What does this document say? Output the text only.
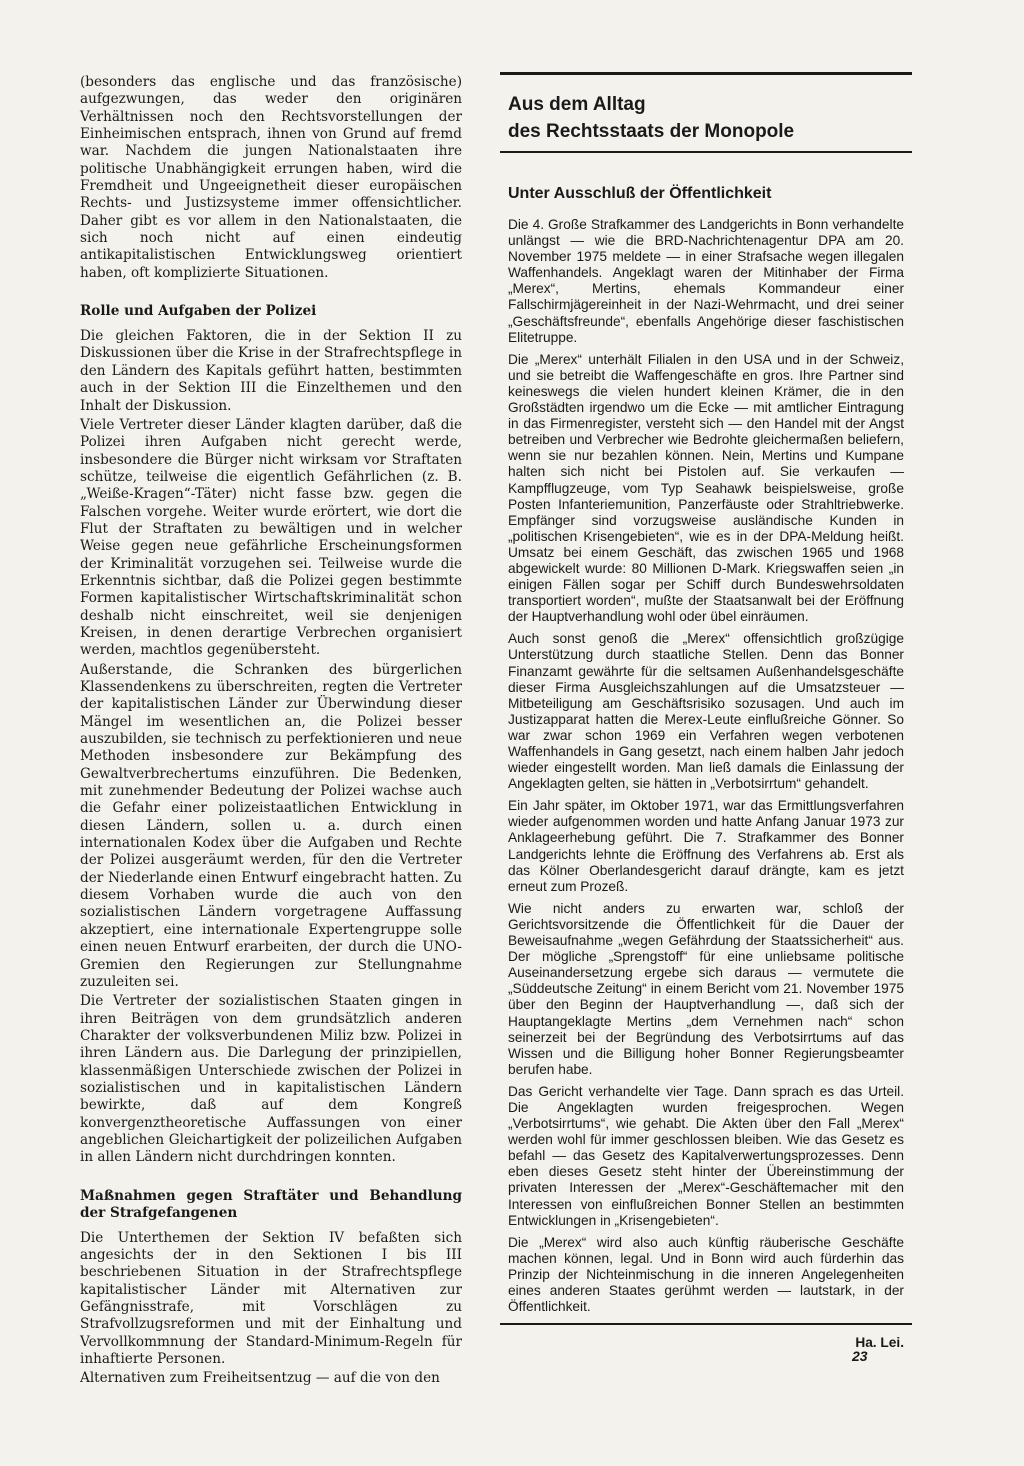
(besonders das englische und das französische) aufgezwungen, das weder den originären Verhältnissen noch den Rechtsvorstellungen der Einheimischen entsprach, ihnen von Grund auf fremd war. Nachdem die jungen Nationalstaaten ihre politische Unabhängigkeit errungen haben, wird die Fremdheit und Ungeeignetheit dieser europäischen Rechts- und Justizsysteme immer offensichtlicher. Daher gibt es vor allem in den Nationalstaaten, die sich noch nicht auf einen eindeutig antikapitalistischen Entwicklungsweg orientiert haben, oft komplizierte Situationen.

Rolle und Aufgaben der Polizei

Die gleichen Faktoren, die in der Sektion II zu Diskussionen über die Krise in der Strafrechtspflege in den Ländern des Kapitals geführt hatten, bestimmten auch in der Sektion III die Einzelthemen und den Inhalt der Diskussion.

Viele Vertreter dieser Länder klagten darüber, daß die Polizei ihren Aufgaben nicht gerecht werde, insbesondere die Bürger nicht wirksam vor Straftaten schütze, teilweise die eigentlich Gefährlichen (z. B. „Weiße-Kragen“-Täter) nicht fasse bzw. gegen die Falschen vorgehe. Weiter wurde erörtert, wie dort die Flut der Straftaten zu bewältigen und in welcher Weise gegen neue gefährliche Erscheinungsformen der Kriminalität vorzugehen sei. Teilweise wurde die Erkenntnis sichtbar, daß die Polizei gegen bestimmte Formen kapitalistischer Wirtschaftskriminalität schon deshalb nicht einschreitet, weil sie denjenigen Kreisen, in denen derartige Verbrechen organisiert werden, machtlos gegenübersteht.

Außerstande, die Schranken des bürgerlichen Klassendenkens zu überschreiten, regten die Vertreter der kapitalistischen Länder zur Überwindung dieser Mängel im wesentlichen an, die Polizei besser auszubilden, sie technisch zu perfektionieren und neue Methoden insbesondere zur Bekämpfung des Gewaltverbrechertums einzuführen. Die Bedenken, mit zunehmender Bedeutung der Polizei wachse auch die Gefahr einer polizeistaatlichen Entwicklung in diesen Ländern, sollen u. a. durch einen internationalen Kodex über die Aufgaben und Rechte der Polizei ausgeräumt werden, für den die Vertreter der Niederlande einen Entwurf eingebracht hatten. Zu diesem Vorhaben wurde die auch von den sozialistischen Ländern vorgetragene Auffassung akzeptiert, eine internationale Expertengruppe solle einen neuen Entwurf erarbeiten, der durch die UNO-Gremien den Regierungen zur Stellungnahme zuzuleiten sei.

Die Vertreter der sozialistischen Staaten gingen in ihren Beiträgen von dem grundsätzlich anderen Charakter der volksverbundenen Miliz bzw. Polizei in ihren Ländern aus. Die Darlegung der prinzipiellen, klassenmäßigen Unterschiede zwischen der Polizei in sozialistischen und in kapitalistischen Ländern bewirkte, daß auf dem Kongreß konvergenztheoretische Auffassungen von einer angeblichen Gleichartigkeit der polizeilichen Aufgaben in allen Ländern nicht durchdringen konnten.

Maßnahmen gegen Straftäter und Behandlung der Strafgefangenen

Die Unterthemen der Sektion IV befaßten sich angesichts der in den Sektionen I bis III beschriebenen Situation in der Strafrechtspflege kapitalistischer Länder mit Alternativen zur Gefängnisstrafe, mit Vorschlägen zu Strafvollzugsreformen und mit der Einhaltung und Vervollkommnung der Standard-Minimum-Regeln für inhaftierte Personen.

Alternativen zum Freiheitsentzug — auf die von den

Aus dem Alltag
des Rechtsstaats der Monopole
Unter Ausschluß der Öffentlichkeit

Die 4. Große Strafkammer des Landgerichts in Bonn verhandelte unlängst — wie die BRD-Nachrichtenagentur DPA am 20. November 1975 meldete — in einer Strafsache wegen illegalen Waffenhandels. Angeklagt waren der Mitinhaber der Firma „Merex“, Mertins, ehemals Kommandeur einer Fallschirmjägereinheit in der Nazi-Wehrmacht, und drei seiner „Geschäftsfreunde“, ebenfalls Angehörige dieser faschistischen Elitetruppe.

Die „Merex“ unterhält Filialen in den USA und in der Schweiz, und sie betreibt die Waffengeschäfte en gros. Ihre Partner sind keineswegs die vielen hundert kleinen Krämer, die in den Großstädten irgendwo um die Ecke — mit amtlicher Eintragung in das Firmenregister, versteht sich — den Handel mit der Angst betreiben und Verbrecher wie Bedrohte gleichermaßen beliefern, wenn sie nur bezahlen können. Nein, Mertins und Kumpane halten sich nicht bei Pistolen auf. Sie verkaufen — Kampfflugzeuge, vom Typ Seahawk beispielsweise, große Posten Infanteriemunition, Panzerfäuste oder Strahltriebwerke. Empfänger sind vorzugsweise ausländische Kunden in „politischen Krisengebieten“, wie es in der DPA-Meldung heißt. Umsatz bei einem Geschäft, das zwischen 1965 und 1968 abgewickelt wurde: 80 Millionen D-Mark. Kriegswaffen seien „in einigen Fällen sogar per Schiff durch Bundeswehrsoldaten transportiert worden“, mußte der Staatsanwalt bei der Eröffnung der Hauptverhandlung wohl oder übel einräumen.

Auch sonst genoß die „Merex“ offensichtlich großzügige Unterstützung durch staatliche Stellen. Denn das Bonner Finanzamt gewährte für die seltsamen Außenhandelsgeschäfte dieser Firma Ausgleichszahlungen auf die Umsatzsteuer — Mitbeteiligung am Geschäftsrisiko sozusagen. Und auch im Justizapparat hatten die Merex-Leute einflußreiche Gönner. So war zwar schon 1969 ein Verfahren wegen verbotenen Waffenhandels in Gang gesetzt, nach einem halben Jahr jedoch wieder eingestellt worden. Man ließ damals die Einlassung der Angeklagten gelten, sie hätten in „Verbotsirrtum“ gehandelt.

Ein Jahr später, im Oktober 1971, war das Ermittlungsverfahren wieder aufgenommen worden und hatte Anfang Januar 1973 zur Anklageerhebung geführt. Die 7. Strafkammer des Bonner Landgerichts lehnte die Eröffnung des Verfahrens ab. Erst als das Kölner Oberlandesgericht darauf drängte, kam es jetzt erneut zum Prozeß.

Wie nicht anders zu erwarten war, schloß der Gerichtsvorsitzende die Öffentlichkeit für die Dauer der Beweisaufnahme „wegen Gefährdung der Staatssicherheit“ aus. Der mögliche „Sprengstoff“ für eine unliebsame politische Auseinandersetzung ergebe sich daraus — vermutete die „Süddeutsche Zeitung“ in einem Bericht vom 21. November 1975 über den Beginn der Hauptverhandlung —, daß sich der Hauptangeklagte Mertins „dem Vernehmen nach“ schon seinerzeit bei der Begründung des Verbotsirrtums auf das Wissen und die Billigung hoher Bonner Regierungsbeamter berufen habe.

Das Gericht verhandelte vier Tage. Dann sprach es das Urteil. Die Angeklagten wurden freigesprochen. Wegen „Verbotsirrtums“, wie gehabt. Die Akten über den Fall „Merex“ werden wohl für immer geschlossen bleiben. Wie das Gesetz es befahl — das Gesetz des Kapitalverwertungsprozesses. Denn eben dieses Gesetz steht hinter der Übereinstimmung der privaten Interessen der „Merex“-Geschäftemacher mit den Interessen von einflußreichen Bonner Stellen an bestimmten Entwicklungen in „Krisengebieten“.

Die „Merex“ wird also auch künftig räuberische Geschäfte machen können, legal. Und in Bonn wird auch fürderhin das Prinzip der Nichteinmischung in die inneren Angelegenheiten eines anderen Staates gerühmt werden — lautstark, in der Öffentlichkeit.

Ha. Lei.
23
